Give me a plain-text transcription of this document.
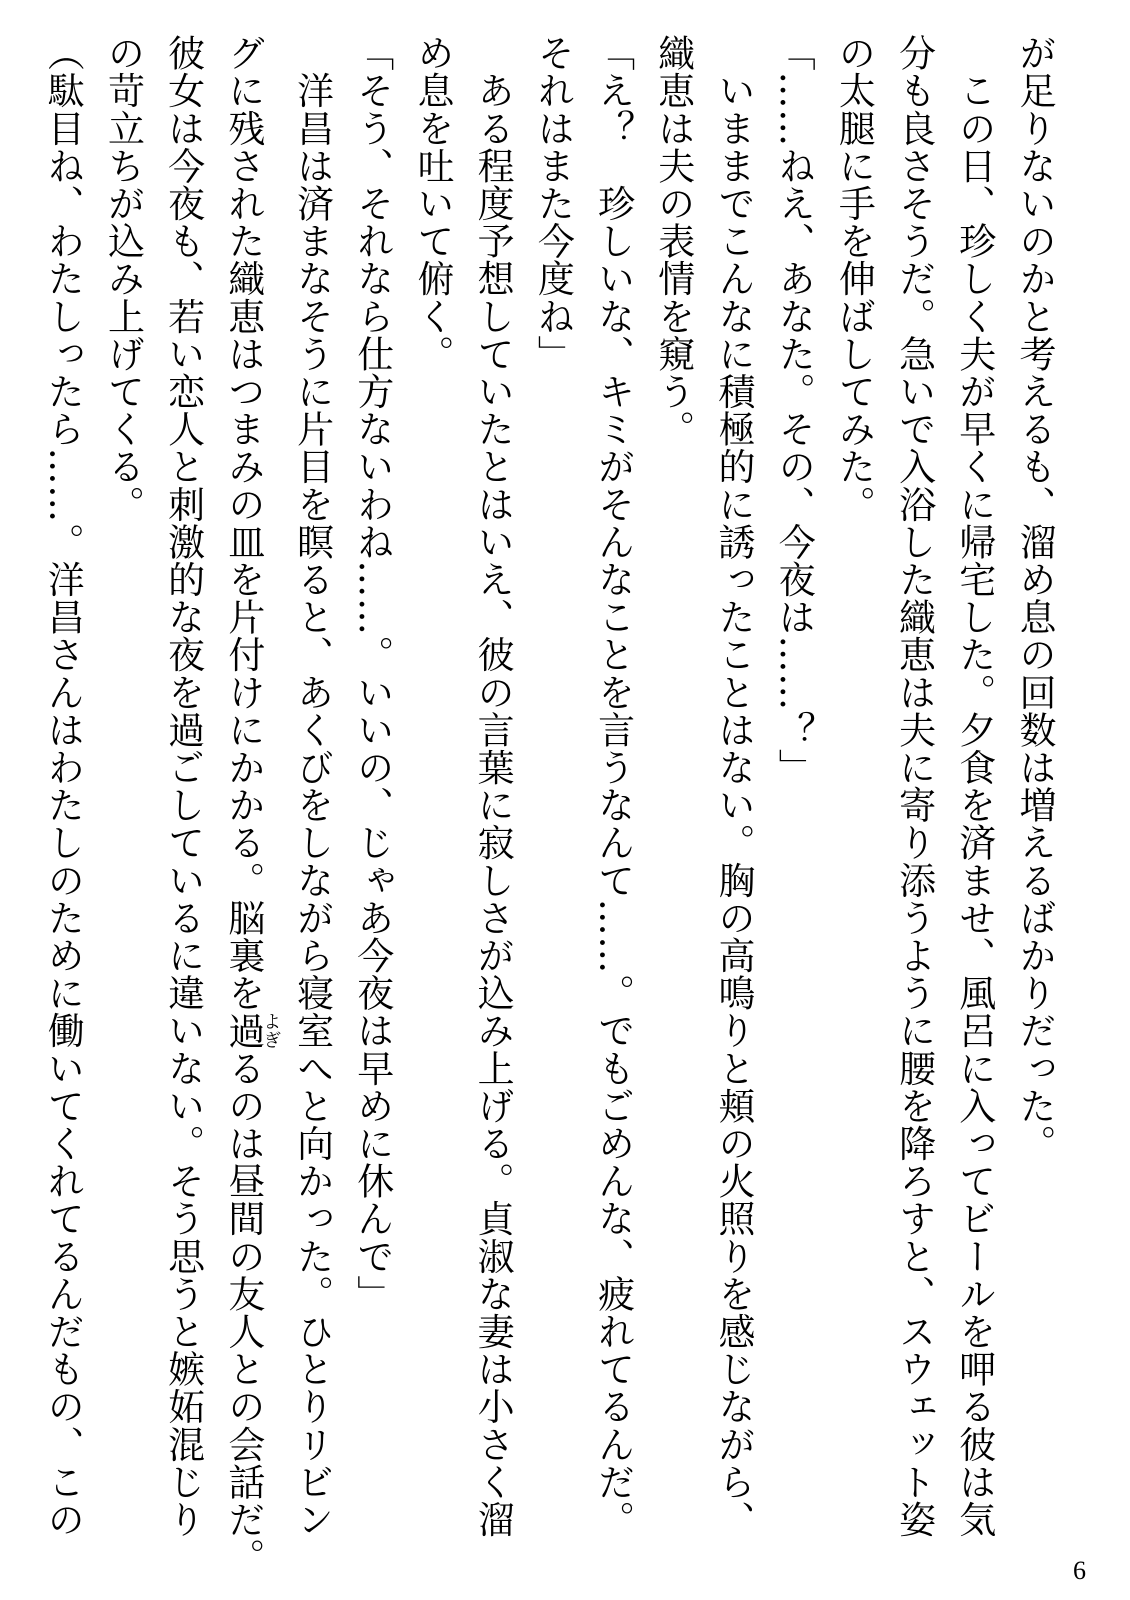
が足りないのかと考えるも、溜め息の回数は増えるばかりだった。
　この日、珍しく夫が早くに帰宅した。夕食を済ませ、風呂に入ってビールを呷る彼は気
分も良さそうだ。急いで入浴した織恵は夫に寄り添うように腰を降ろすと、スウェット姿
の太腿に手を伸ばしてみた。
「……ねえ、あなた。その、今夜は……？」
　いままでこんなに積極的に誘ったことはない。胸の高鳴りと頬の火照りを感じながら、
織恵は夫の表情を窺う。
「え？　珍しいな、キミがそんなことを言うなんて……。でもごめんな、疲れてるんだ。
それはまた今度ね」
　ある程度予想していたとはいえ、彼の言葉に寂しさが込み上げる。貞淑な妻は小さく溜
め息を吐いて俯く。
「そう、それなら仕方ないわね……。いいの、じゃあ今夜は早めに休んで」
　洋昌は済まなそうに片目を瞑ると、あくびをしながら寝室へと向かった。ひとりリビン
グに残された織恵はつまみの皿を片付けにかかる。脳裏を過よぎるのは昼間の友人との会話だ。
彼女は今夜も、若い恋人と刺激的な夜を過ごしているに違いない。そう思うと嫉妬混じり
の苛立ちが込み上げてくる。
（駄目ね、わたしったら……。洋昌さんはわたしのために働いてくれてるんだもの、この
6
